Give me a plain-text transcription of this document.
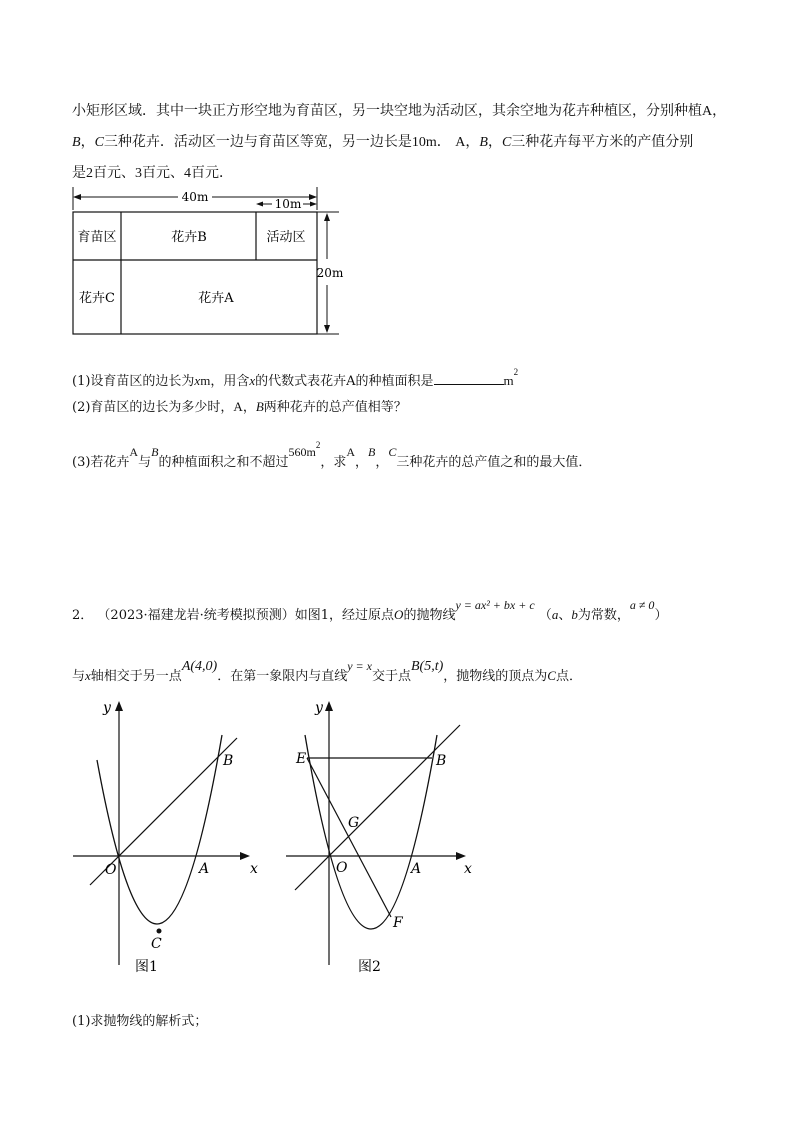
小矩形区域．其中一块正方形空地为育苗区，另一块空地为活动区，其余空地为花卉种植区，分别种植A，
B，C三种花卉．活动区一边与育苗区等宽，另一边长是10m． A，B，C三种花卉每平方米的产值分别
是2百元、3百元、4百元．
40m	10m
20m
育苗区	花卉B	活动区
花卉C	花卉A
(1)设育苗区的边长为xm，用含x的代数式表花卉A的种植面积是	$m^2$
(2)育苗区的边长为多少时，A，B两种花卉的总产值相等？
(3)若花卉A与B的种植面积之和不超过$560m^2$，求A，B，C三种花卉的总产值之和的最大值．
2． （2023·福建龙岩·统考模拟预测）如图1，经过原点O的抛物线y = ax² + bx + c （a、b为常数，a ≠ 0）
与x轴相交于另一点A(4,0)．在第一象限内与直线y = x交于点B(5,t)，抛物线的顶点为C点．
y
x
O	A
B
C
图1
y
x
E	B
G
O	A
F
图2
(1)求抛物线的解析式；
